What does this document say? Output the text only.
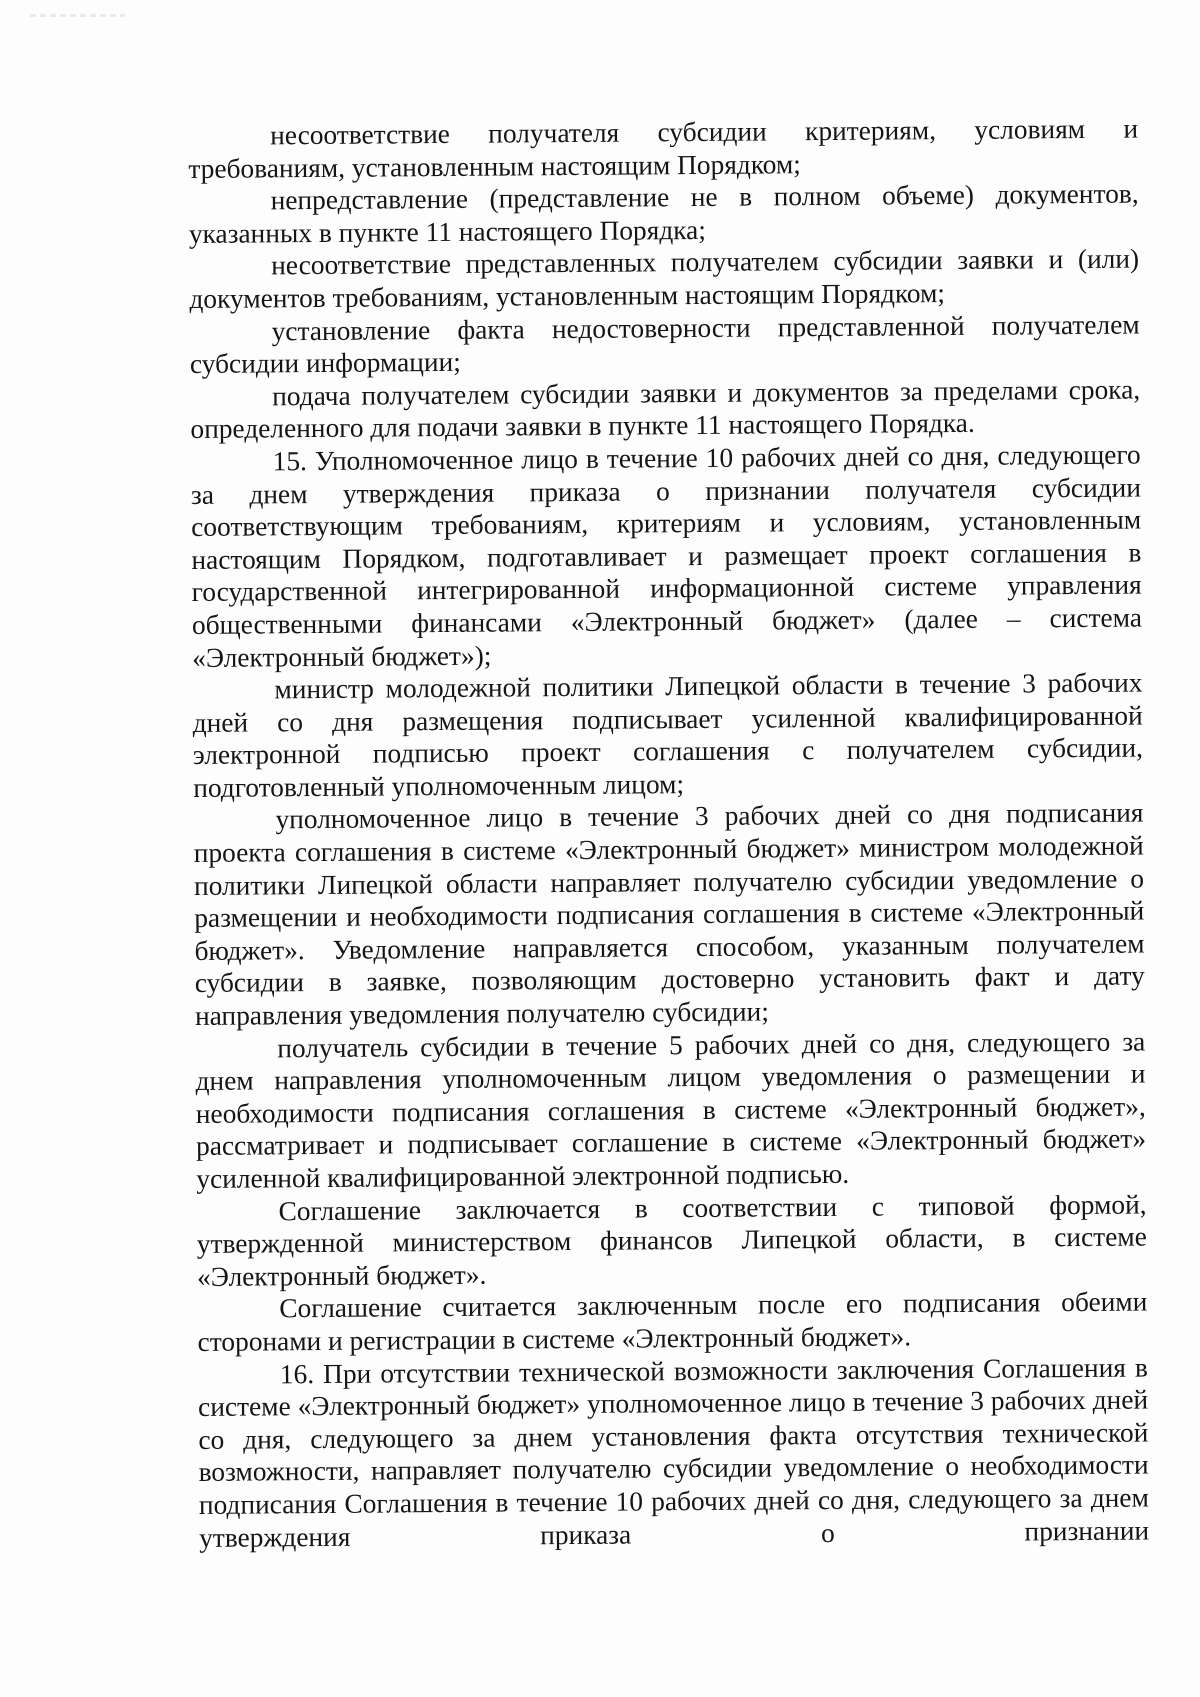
несоответствие получателя субсидии критериям, условиям и требованиям, установленным настоящим Порядком;

непредставление (представление не в полном объеме) документов, указанных в пункте 11 настоящего Порядка;

несоответствие представленных получателем субсидии заявки и (или) документов требованиям, установленным настоящим Порядком;

установление факта недостоверности представленной получателем субсидии информации;

подача получателем субсидии заявки и документов за пределами срока, определенного для подачи заявки в пункте 11 настоящего Порядка.

15. Уполномоченное лицо в течение 10 рабочих дней со дня, следующего за днем утверждения приказа о признании получателя субсидии соответствующим требованиям, критериям и условиям, установленным настоящим Порядком, подготавливает и размещает проект соглашения в государственной интегрированной информационной системе управления общественными финансами «Электронный бюджет» (далее – система «Электронный бюджет»);

министр молодежной политики Липецкой области в течение 3 рабочих дней со дня размещения подписывает усиленной квалифицированной электронной подписью проект соглашения с получателем субсидии, подготовленный уполномоченным лицом;

уполномоченное лицо в течение 3 рабочих дней со дня подписания проекта соглашения в системе «Электронный бюджет» министром молодежной политики Липецкой области направляет получателю субсидии уведомление о размещении и необходимости подписания соглашения в системе «Электронный бюджет». Уведомление направляется способом, указанным получателем субсидии в заявке, позволяющим достоверно установить факт и дату направления уведомления получателю субсидии;

получатель субсидии в течение 5 рабочих дней со дня, следующего за днем направления уполномоченным лицом уведомления о размещении и необходимости подписания соглашения в системе «Электронный бюджет», рассматривает и подписывает соглашение в системе «Электронный бюджет» усиленной квалифицированной электронной подписью.

Соглашение заключается в соответствии с типовой формой, утвержденной министерством финансов Липецкой области, в системе «Электронный бюджет».

Соглашение считается заключенным после его подписания обеими сторонами и регистрации в системе «Электронный бюджет».

16. При отсутствии технической возможности заключения Соглашения в системе «Электронный бюджет» уполномоченное лицо в течение 3 рабочих дней со дня, следующего за днем установления факта отсутствия технической возможности, направляет получателю субсидии уведомление о необходимости подписания Соглашения в течение 10 рабочих дней со дня, следующего за днем утверждения приказа о признании
